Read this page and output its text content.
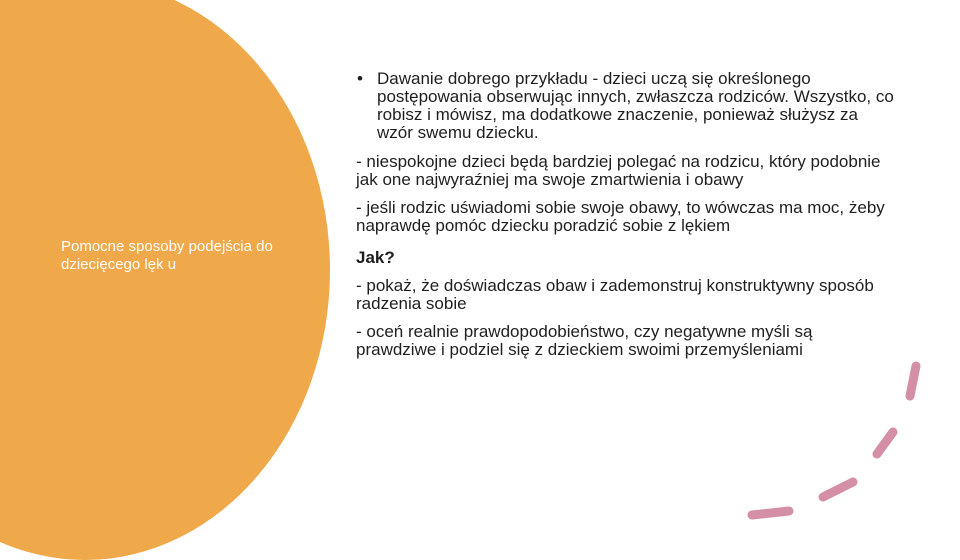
Pomocne sposoby podejścia do dziecięcego lęk u
• Dawanie dobrego przykładu - dzieci uczą się określonego postępowania obserwując innych, zwłaszcza rodziców. Wszystko, co robisz i mówisz, ma dodatkowe znaczenie, ponieważ służysz za wzór swemu dziecku.

- niespokojne dzieci będą bardziej polegać na rodzicu, który podobnie jak one najwyraźniej ma swoje zmartwienia i obawy

- jeśli rodzic uświadomi sobie swoje obawy, to wówczas ma moc, żeby naprawdę pomóc dziecku poradzić sobie z lękiem

Jak?

- pokaż, że doświadczas obaw i zademonstruj konstruktywny sposób radzenia sobie

- oceń realnie prawdopodobieństwo, czy negatywne myśli są prawdziwe i podziel się z dzieckiem swoimi przemyśleniami
